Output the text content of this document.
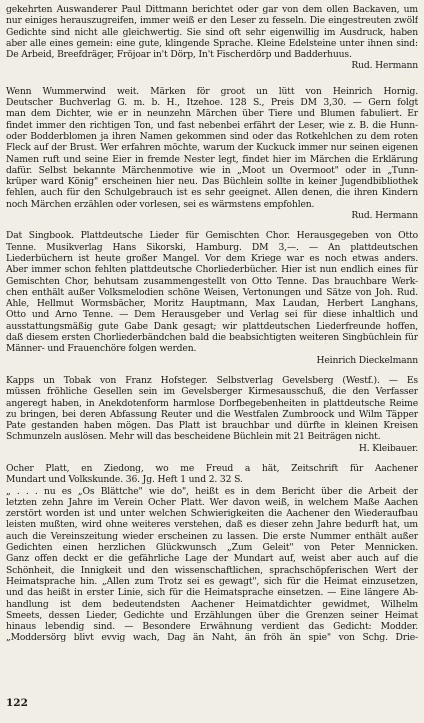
gekehrten Auswanderer Paul Dittmann berichtet oder gar von dem ollen Backaven, um
nur einiges herauszugreifen, immer weiß er den Leser zu fesseln. Die eingestreuten zwölf
Gedichte sind nicht alle gleichwertig. Sie sind oft sehr eigenwillig im Ausdruck, haben
aber alle eines gemein: eine gute, klingende Sprache. Kleine Edelsteine unter ihnen sind:
De Arbeid, Breefdräger, Fröjoar in't Dörp, In't Fischerdörp und Badderhuus.
Rud. Hermann
Wenn Wummerwind weit. Märken för groot un lütt von Heinrich Hornig.
Deutscher Buchverlag G. m. b. H., Itzehoe. 128 S., Preis DM 3,30. — Gern folgt
man dem Dichter, wie er in neunzehn Märchen über Tiere und Blumen fabuliert. Er
findet immer den richtigen Ton, und fast nebenbei erfährt der Leser, wie z. B. die Hunn-
oder Bodderblomen ja ihren Namen gekommen sind oder das Rotkehlchen zu dem roten
Fleck auf der Brust. Wer erfahren möchte, warum der Kuckuck immer nur seinen eigenen
Namen ruft und seine Eier in fremde Nester legt, findet hier im Märchen die Erklärung
dafür. Selbst bekannte Märchenmotive wie in „Moot un Overmoot" oder in „Tunn-
krüper ward König" erscheinen hier neu. Das Büchlein sollte in keiner Jugendbibliothek
fehlen, auch für den Schulgebrauch ist es sehr geeignet. Allen denen, die ihren Kindern
noch Märchen erzählen oder vorlesen, sei es wärmstens empfohlen.
Rud. Hermann
Dat Singbook. Plattdeutsche Lieder für Gemischten Chor. Herausgegeben von Otto
Tenne. Musikverlag Hans Sikorski, Hamburg. DM 3,—. — An plattdeutschen
Liederbüchern ist heute großer Mangel. Vor dem Kriege war es noch etwas anders.
Aber immer schon fehlten plattdeutsche Chorliederbücher. Hier ist nun endlich eines für
Gemischten Chor, behutsam zusammengestellt von Otto Tenne. Das brauchbare Werk-
chen enthält außer Volksmelodien schöne Weisen, Vertonungen und Sätze von Joh. Rud.
Ahle, Hellmut Wormsbächer, Moritz Hauptmann, Max Laudan, Herbert Langhans,
Otto und Arno Tenne. — Dem Herausgeber und Verlag sei für diese inhaltlich und
ausstattungsmäßig gute Gabe Dank gesagt; wir plattdeutschen Liederfreunde hoffen,
daß diesem ersten Chorliederbändchen bald die beabsichtigten weiteren Singbüchlein für
Männer- und Frauenchöre folgen werden.
Heinrich Dieckelmann
Kapps un Tobak von Franz Hofsteger. Selbstverlag Gevelsberg (Westf.). — Es
müssen fröhliche Gesellen sein im Gevelsberger Kirmesausschuß, die den Verfasser
angeregt haben, in Anekdotenform harmlose Dorfbegebenheiten in plattdeutsche Reime
zu bringen, bei deren Abfassung Reuter und die Westfalen Zumbroock und Wilm Täpper
Pate gestanden haben mögen. Das Platt ist brauchbar und dürfte in kleinen Kreisen
Schmunzeln auslösen. Mehr will das bescheidene Büchlein mit 21 Beiträgen nicht.
H. Kleibauer.
Ocher Platt, en Ziedong, wo me Freud a hät, Zeitschrift für Aachener
Mundart und Volkskunde. 36. Jg. Heft 1 und 2. 32 S.
„ . . . nu es „Os Blättche" wie do", heißt es in dem Bericht über die Arbeit der
letzten zehn Jahre im Verein Ocher Platt. Wer davon weiß, in welchem Maße Aachen
zerstört worden ist und unter welchen Schwierigkeiten die Aachener den Wiederaufbau
leisten mußten, wird ohne weiteres verstehen, daß es dieser zehn Jahre bedurft hat, um
auch die Vereinszeitung wieder erscheinen zu lassen. Die erste Nummer enthält außer
Gedichten einen herzlichen Glückwunsch „Zum Geleit" von Peter Mennicken.
Ganz offen deckt er die gefährliche Lage der Mundart auf, weist aber auch auf die
Schönheit, die Innigkeit und den wissenschaftlichen, sprachschöpferischen Wert der
Heimatsprache hin. „Allen zum Trotz sei es gewagt", sich für die Heimat einzusetzen,
und das heißt in erster Linie, sich für die Heimatsprache einsetzen. — Eine längere Ab-
handlung ist dem bedeutendsten Aachener Heimatdichter gewidmet, Wilhelm
Smeets, dessen Lieder, Gedichte und Erzählungen über die Grenzen seiner Heimat
hinaus lebendig sind. — Besondere Erwähnung verdient das Gedicht: Modder.
„Moddersörg blivt evvig wach, Dag än Naht, än fröh än spie" von Schg. Drie-
122
